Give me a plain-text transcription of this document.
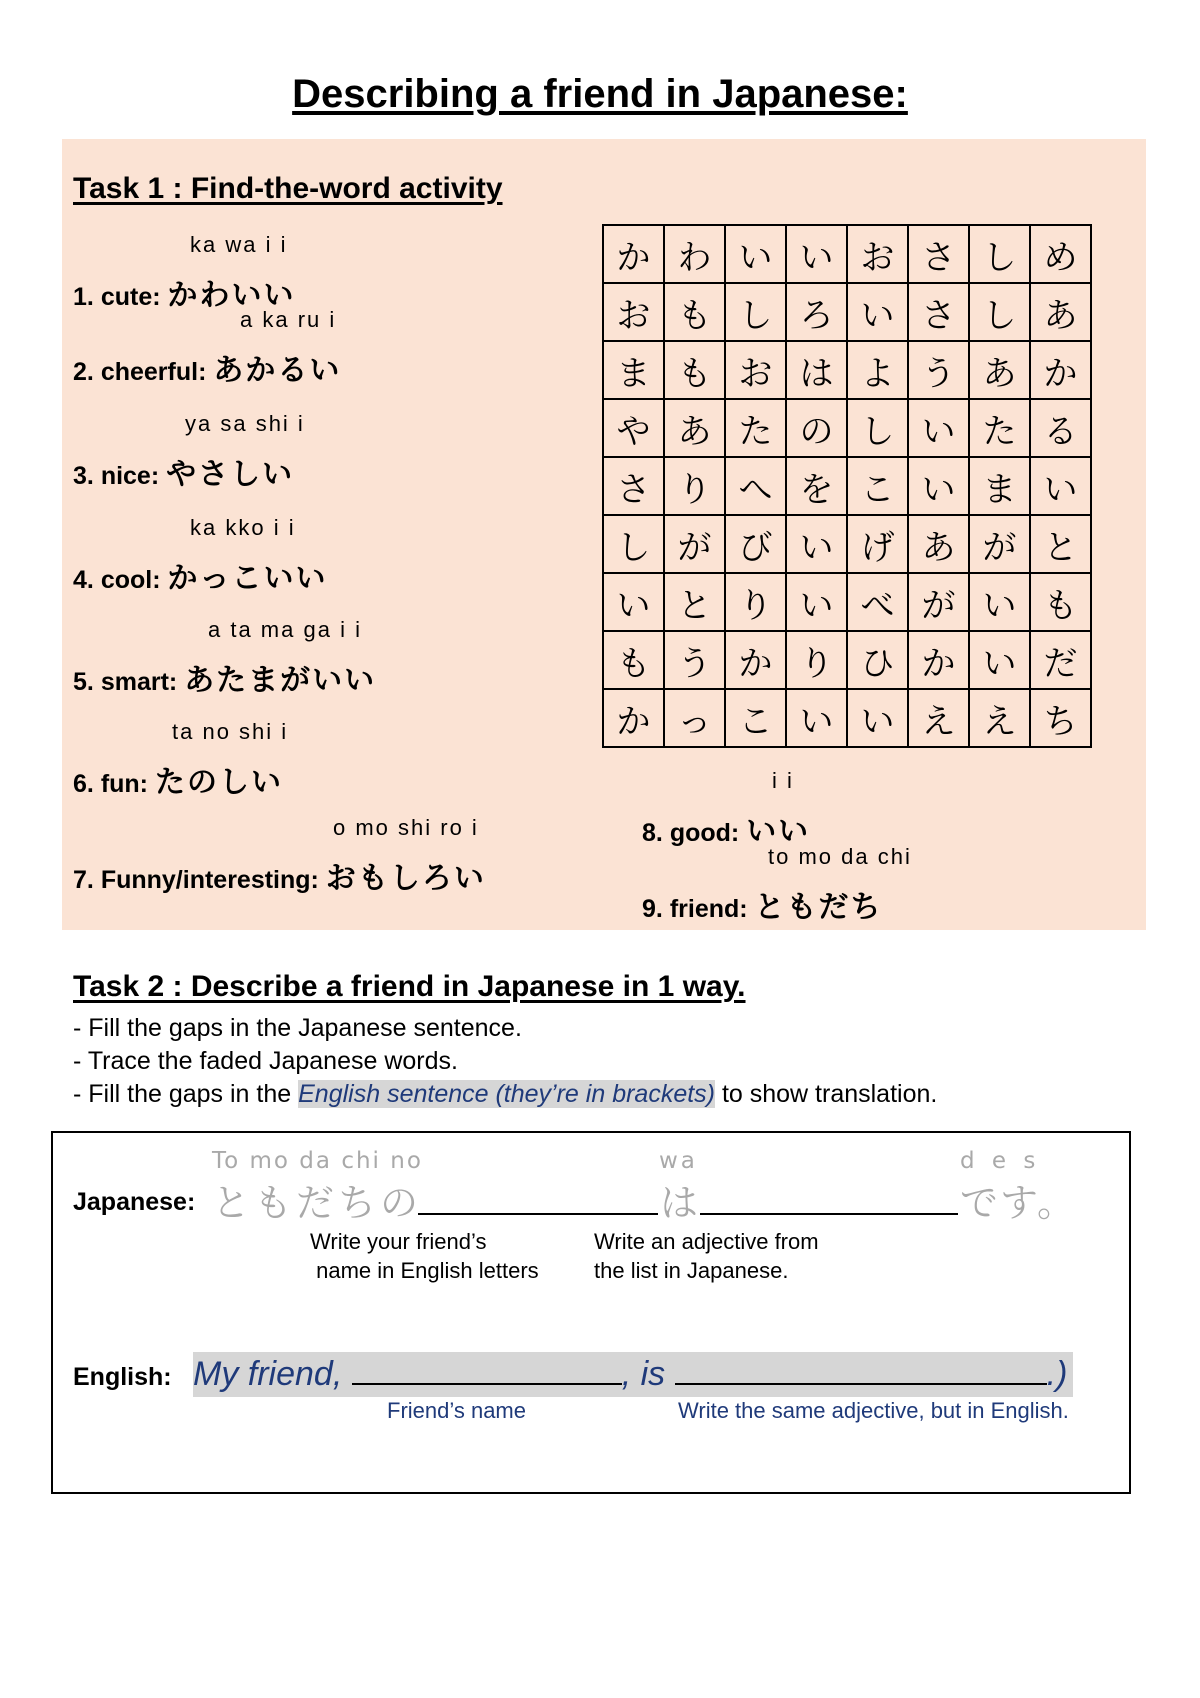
Describing a friend in Japanese:
Task 1 : Find-the-word activity
ka wa i i
1. cute: かわいい
a ka ru i
2. cheerful: あかるい
ya sa shi i
3. nice: やさしい
ka kko i i
4. cool: かっこいい
a ta ma ga i i
5. smart: あたまがいい
ta no shi i
6. fun: たのしい
o mo shi ro i
7. Funny/interesting: おもしろい
か	わ	い	い	お	さ	し	め
お	も	し	ろ	い	さ	し	あ
ま	も	お	は	よ	う	あ	か
や	あ	た	の	し	い	た	る
さ	り	へ	を	こ	い	ま	い
し	が	び	い	げ	あ	が	と
い	と	り	い	べ	が	い	も
も	う	か	り	ひ	か	い	だ
か	っ	こ	い	い	え	え	ち
i i
8. good: いい
to mo da chi
9. friend: ともだち
Task 2 : Describe a friend in Japanese in 1 way.
- Fill the gaps in the Japanese sentence.
- Trace the faded Japanese words.
- Fill the gaps in the English sentence (they’re in brackets) to show translation.
To mo da chi no	wa	d e s
Japanese: ともだちの	は	です。
Write your friend’s
name in English letters
Write an adjective from
the list in Japanese.
English: My friend,	, is	.)
Friend’s name	Write the same adjective, but in English.
